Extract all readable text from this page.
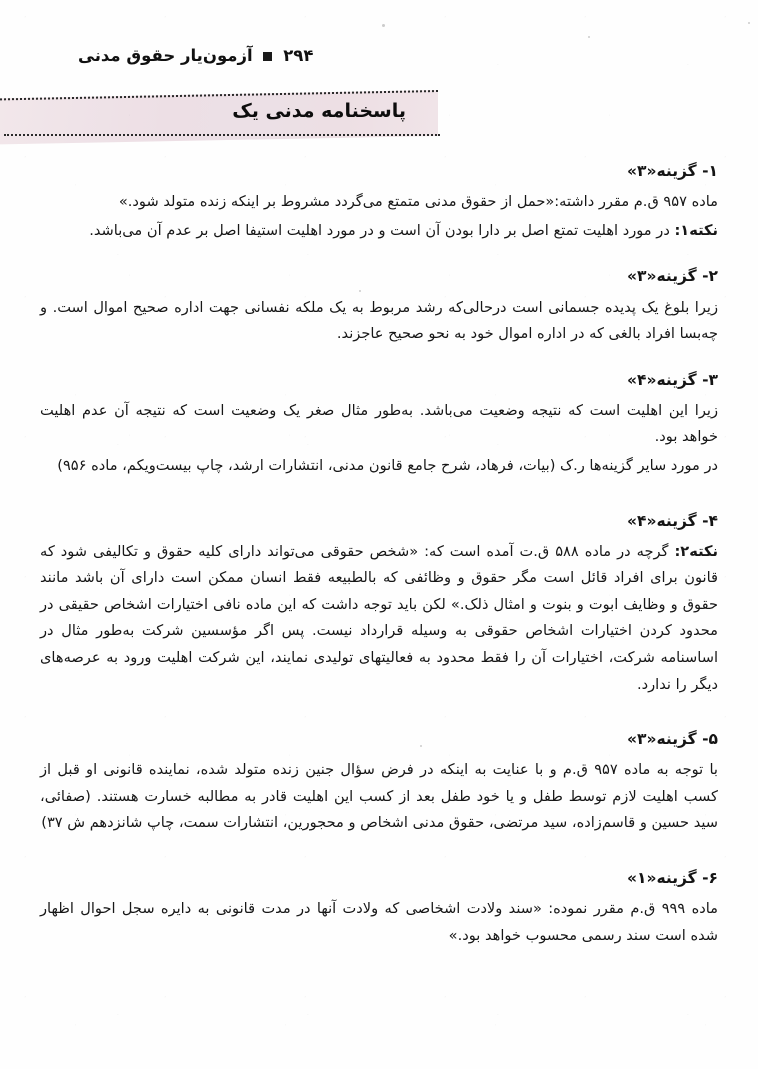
۲۹۴  آزمون‌یار حقوق مدنی
پاسخنامه مدنی یک

۱- گزینه«۳»

ماده ۹۵۷ ق.م مقرر داشته:«حمل از حقوق مدنی متمتع می‌گردد مشروط بر اینکه زنده متولد شود.»

نکته۱: در مورد اهلیت تمتع اصل بر دارا بودن آن است و در مورد اهلیت استیفا اصل بر عدم آن می‌باشد.

۲- گزینه«۳»

زیرا بلوغ یک پدیده جسمانی است درحالی‌که رشد مربوط به یک ملکه نفسانی جهت اداره صحیح اموال است. و چه‌بسا افراد بالغی که در اداره اموال خود به نحو صحیح عاجزند.

۳- گزینه«۴»

زیرا این اهلیت است که نتیجه وضعیت می‌باشد. به‌طور مثال صغر یک وضعیت است که نتیجه آن عدم اهلیت خواهد بود.

در مورد سایر گزینه‌ها ر.ک (بیات، فرهاد، شرح جامع قانون مدنی، انتشارات ارشد، چاپ بیست‌ویکم، ماده ۹۵۶)

۴- گزینه«۴»

نکته۲: گرچه در ماده ۵۸۸ ق.ت آمده است که: «شخص حقوقی می‌تواند دارای کلیه حقوق و تکالیفی شود که قانون برای افراد قائل است مگر حقوق و وظائفی که بالطبیعه فقط انسان ممکن است دارای آن باشد مانند حقوق و وظایف ابوت و بنوت و امثال ذلک.» لکن باید توجه داشت که این ماده نافی اختیارات اشخاص حقیقی در محدود کردن اختیارات اشخاص حقوقی به وسیله قرارداد نیست. پس اگر مؤسسین شرکت به‌طور مثال در اساسنامه شرکت، اختیارات آن را فقط محدود به فعالیتهای تولیدی نمایند، این شرکت اهلیت ورود به عرصه‌های دیگر را ندارد.

۵- گزینه«۳»

با توجه به ماده ۹۵۷ ق.م و با عنایت به اینکه در فرض سؤال جنین زنده متولد شده، نماینده قانونی او قبل از کسب اهلیت لازم توسط طفل و یا خود طفل بعد از کسب این اهلیت قادر به مطالبه خسارت هستند. (صفائی، سید حسین و قاسم‌زاده، سید مرتضی، حقوق مدنی اشخاص و محجورین، انتشارات سمت، چاپ شانزدهم ش ۳۷)

۶- گزینه«۱»

ماده ۹۹۹ ق.م مقرر نموده: «سند ولادت اشخاصی که ولادت آنها در مدت قانونی به دایره سجل احوال اظهار شده است سند رسمی محسوب خواهد بود.»
